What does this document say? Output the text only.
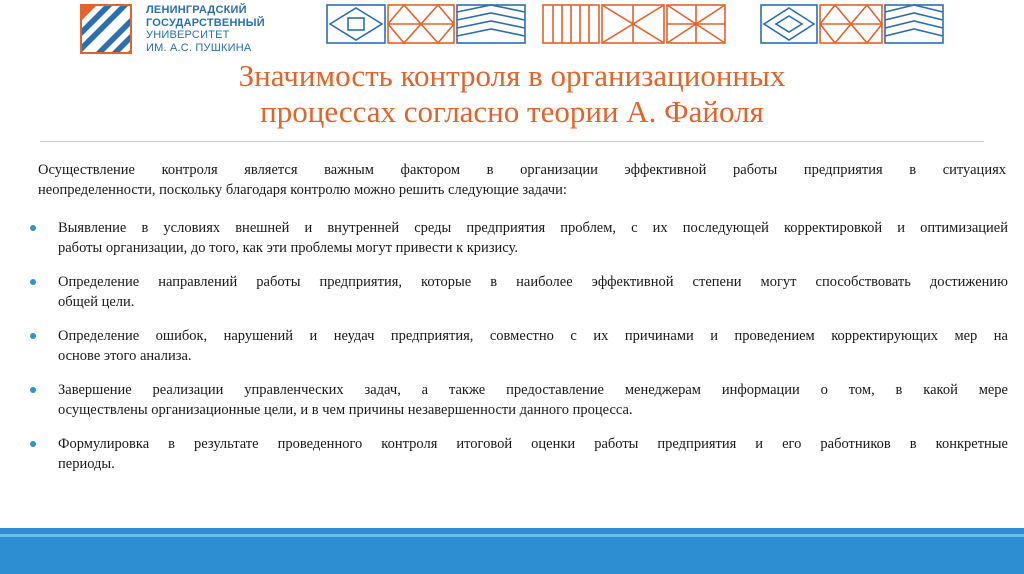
ЛЕНИНГРАДСКИЙ
ГОСУДАРСТВЕННЫЙ
УНИВЕРСИТЕТ
ИМ. А.С. ПУШКИНА
Значимость контроля в организационных
процессах согласно теории А. Файоля
Осуществление контроля является важным фактором в организации эффективной работы предприятия в ситуациях
неопределенности, поскольку благодаря контролю можно решить следующие задачи:
Выявление в условиях внешней и внутренней среды предприятия проблем, с их последующей корректировкой и оптимизацией
работы организации, до того, как эти проблемы могут привести к кризису.
Определение направлений работы предприятия, которые в наиболее эффективной степени могут способствовать достижению
общей цели.
Определение ошибок, нарушений и неудач предприятия, совместно с их причинами и проведением корректирующих мер на
основе этого анализа.
Завершение реализации управленческих задач, а также предоставление менеджерам информации о том, в какой мере
осуществлены организационные цели, и в чем причины незавершенности данного процесса.
Формулировка в результате проведенного контроля итоговой оценки работы предприятия и его работников в конкретные
периоды.
